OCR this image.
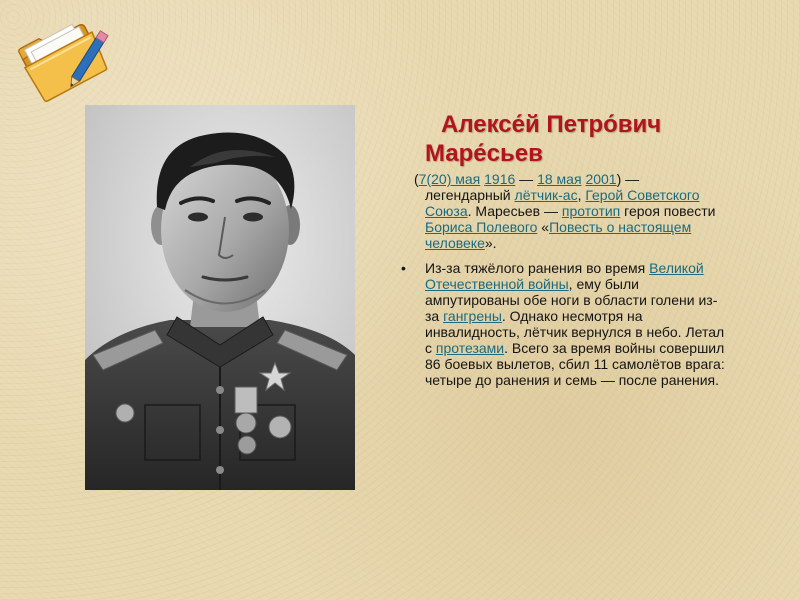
Алексе́й Петро́вич
Маре́сьев

(7(20) мая 1916 — 18 мая 2001) — легендарный лётчик-ас, Герой Советского Союза. Маресьев — прототип героя повести Бориса Полевого «Повесть о настоящем человеке».

• Из-за тяжёлого ранения во время Великой Отечественной войны, ему были ампутированы обе ноги в области голени из-за гангрены. Однако несмотря на инвалидность, лётчик вернулся в небо. Летал с протезами. Всего за время войны совершил 86 боевых вылетов, сбил 11 самолётов врага: четыре до ранения и семь — после ранения.
